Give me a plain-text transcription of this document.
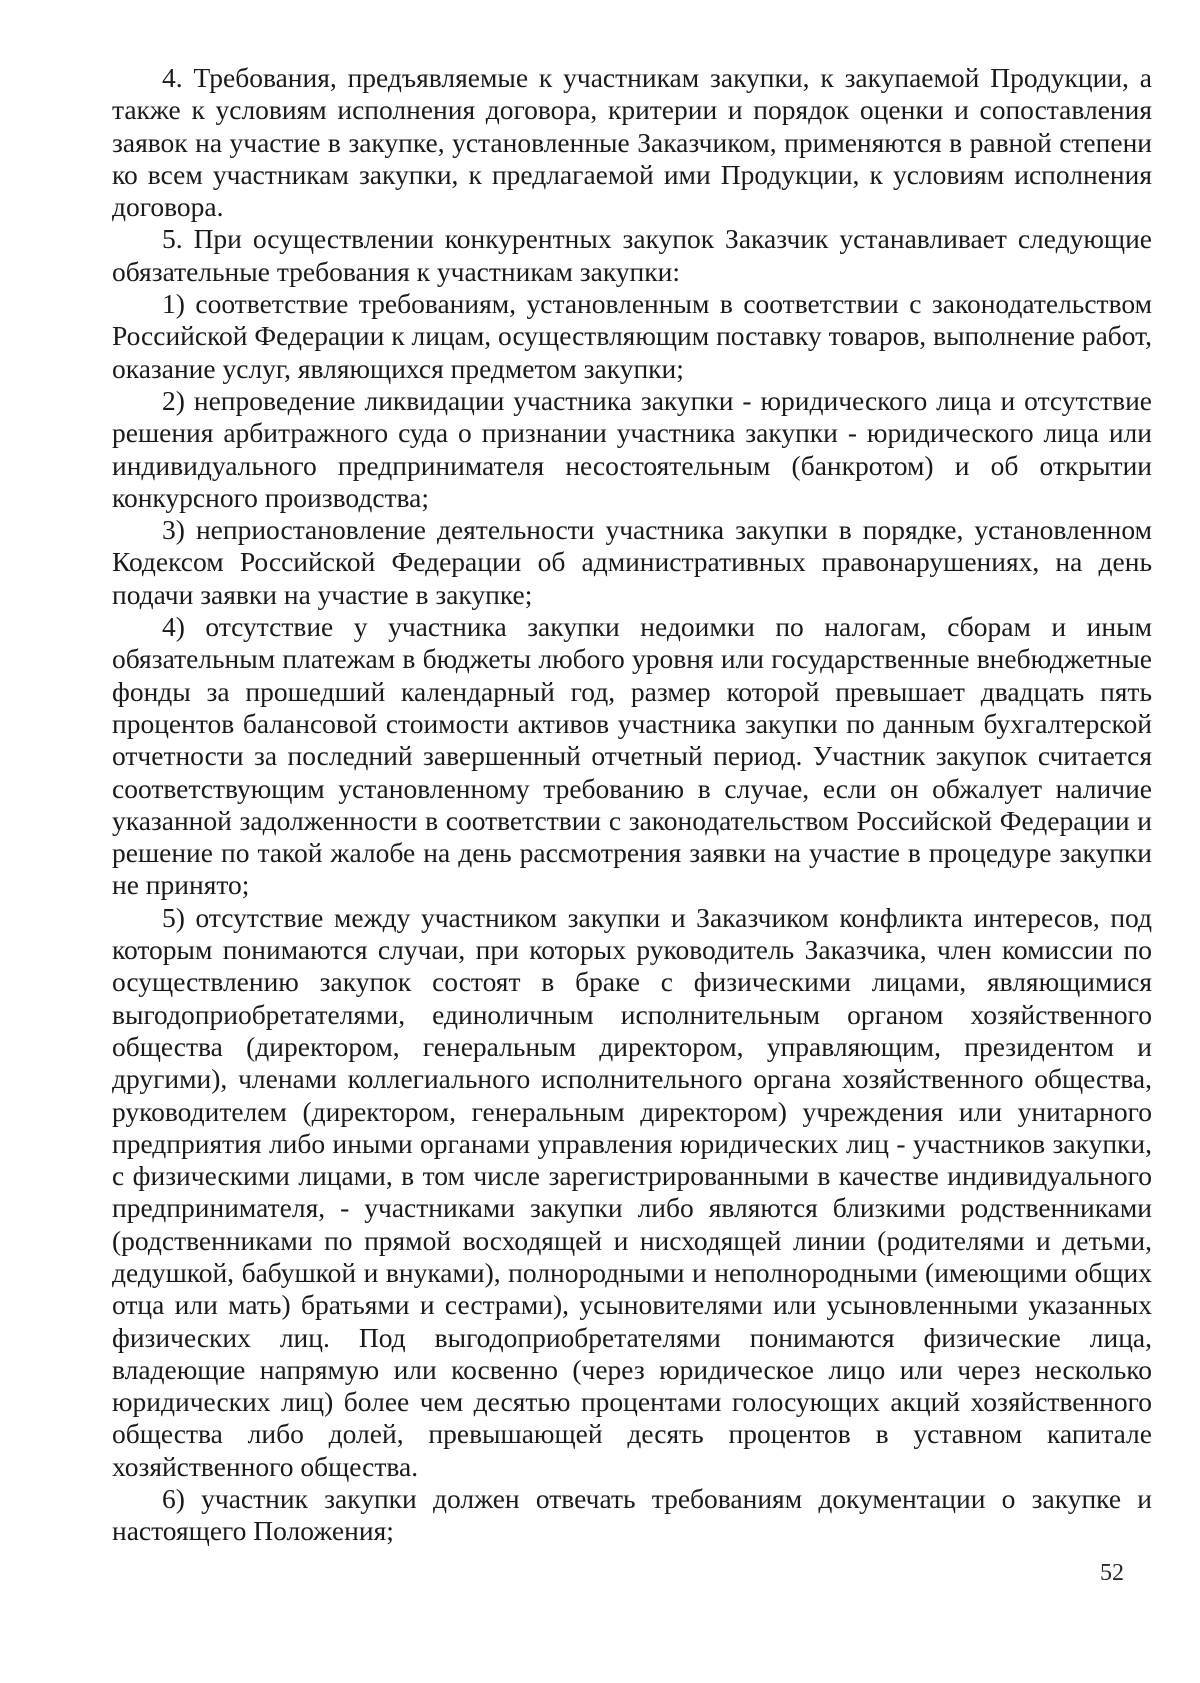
4. Требования, предъявляемые к участникам закупки, к закупаемой Продукции, а также к условиям исполнения договора, критерии и порядок оценки и сопоставления заявок на участие в закупке, установленные Заказчиком, применяются в равной степени ко всем участникам закупки, к предлагаемой ими Продукции, к условиям исполнения договора.

5. При осуществлении конкурентных закупок Заказчик устанавливает следующие обязательные требования к участникам закупки:

1) соответствие требованиям, установленным в соответствии с законодательством Российской Федерации к лицам, осуществляющим поставку товаров, выполнение работ, оказание услуг, являющихся предметом закупки;

2) непроведение ликвидации участника закупки - юридического лица и отсутствие решения арбитражного суда о признании участника закупки - юридического лица или индивидуального предпринимателя несостоятельным (банкротом) и об открытии конкурсного производства;

3) неприостановление деятельности участника закупки в порядке, установленном Кодексом Российской Федерации об административных правонарушениях, на день подачи заявки на участие в закупке;

4) отсутствие у участника закупки недоимки по налогам, сборам и иным обязательным платежам в бюджеты любого уровня или государственные внебюджетные фонды за прошедший календарный год, размер которой превышает двадцать пять процентов балансовой стоимости активов участника закупки по данным бухгалтерской отчетности за последний завершенный отчетный период. Участник закупок считается соответствующим установленному требованию в случае, если он обжалует наличие указанной задолженности в соответствии с законодательством Российской Федерации и решение по такой жалобе на день рассмотрения заявки на участие в процедуре закупки не принято;

5) отсутствие между участником закупки и Заказчиком конфликта интересов, под которым понимаются случаи, при которых руководитель Заказчика, член комиссии по осуществлению закупок состоят в браке с физическими лицами, являющимися выгодоприобретателями, единоличным исполнительным органом хозяйственного общества (директором, генеральным директором, управляющим, президентом и другими), членами коллегиального исполнительного органа хозяйственного общества, руководителем (директором, генеральным директором) учреждения или унитарного предприятия либо иными органами управления юридических лиц - участников закупки, с физическими лицами, в том числе зарегистрированными в качестве индивидуального предпринимателя, - участниками закупки либо являются близкими родственниками (родственниками по прямой восходящей и нисходящей линии (родителями и детьми, дедушкой, бабушкой и внуками), полнородными и неполнородными (имеющими общих отца или мать) братьями и сестрами), усыновителями или усыновленными указанных физических лиц. Под выгодоприобретателями понимаются физические лица, владеющие напрямую или косвенно (через юридическое лицо или через несколько юридических лиц) более чем десятью процентами голосующих акций хозяйственного общества либо долей, превышающей десять процентов в уставном капитале хозяйственного общества.

6) участник закупки должен отвечать требованиям документации о закупке и настоящего Положения;

52
